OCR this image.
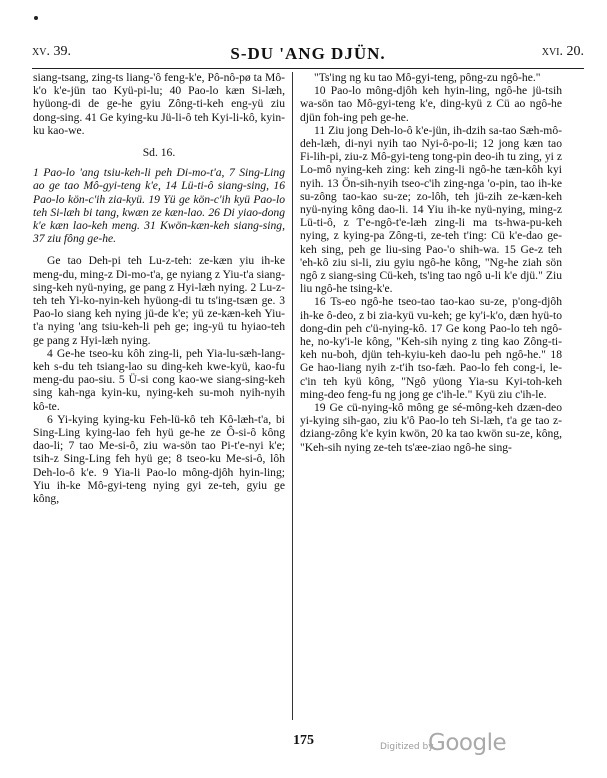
xv. 39.	S-DU 'ANG DJÜN.	xvi. 20.

siang-tsang, zing-ts liang-'ô feng-k'e, Pô-nô-pø ta Mô-k'o k'e-jün tao Kyü-pi-lu; 40 Pao-lo kæn Si-læh, hyüong-di de ge-he gyiu Zông-ti-keh eng-yü ziu dong-sing. 41 Ge kying-ku Jü-li-ô teh Kyi-li-kô, kyin-ku kao-we.

Sd. 16.

1 Pao-lo 'ang tsiu-keh-li peh Di-mo-t'a, 7 Sing-Ling ao ge tao Mô-gyi-teng k'e, 14 Lü-ti-ô siang-sing, 16 Pao-lo kön-c'ih zia-kyü. 19 Yü ge kön-c'ih kyü Pao-lo teh Si-læh bi tang, kwæn ze kæn-lao. 26 Di yiao-dong k'e kæn lao-keh meng. 31 Kwön-kæn-keh siang-sing, 37 ziu fông ge-he.

Ge tao Deh-pi teh Lu-z-teh: ze-kæn yiu ih-ke meng-du, ming-z Di-mo-t'a, ge nyiang z Yiu-t'a siang-sing-keh nyü-nying, ge pang z Hyi-læh nying. 2 Lu-z-teh teh Yi-ko-nyin-keh hyüong-di tu ts'ing-tsæn ge. 3 Pao-lo siang keh nying jü-de k'e; yü ze-kæn-keh Yiu-t'a nying 'ang tsiu-keh-li peh ge; ing-yü tu hyiao-teh ge pang z Hyi-læh nying.

4 Ge-he tseo-ku kôh zing-li, peh Yia-lu-sæh-lang-keh s-du teh tsiang-lao su ding-keh kwe-kyü, kao-fu meng-du pao-siu. 5 Ü-si cong kao-we siang-sing-keh sing kah-nga kyin-ku, nying-keh su-moh nyih-nyih kô-te.

6 Yi-kying kying-ku Feh-lü-kô teh Kô-læh-t'a, bi Sing-Ling kying-lao feh hyü ge-he ze Ô-si-ô kông dao-li; 7 tao Me-si-ô, ziu wa-sön tao Pi-t'e-nyi k'e; tsih-z Sing-Ling feh hyü ge; 8 tseo-ku Me-si-ô, lôh Deh-lo-ô k'e. 9 Yia-li Pao-lo mông-djôh hyin-ling; Yiu ih-ke Mô-gyi-teng nying gyi ze-teh, gyiu ge kông,

"Ts'ing ng ku tao Mô-gyi-teng, pông-zu ngô-he."

10 Pao-lo mông-djôh keh hyin-ling, ngô-he jü-tsih wa-sön tao Mô-gyi-teng k'e, ding-kyü z Cü ao ngô-he djün foh-ing peh ge-he.

11 Ziu jong Deh-lo-ô k'e-jün, ih-dzih sa-tao Sæh-mô-deh-læh, di-nyi nyih tao Nyi-ô-po-li; 12 jong kæn tao Fi-lih-pi, ziu-z Mô-gyi-teng tong-pin deo-ih tu zing, yi z Lo-mô nying-keh zing: keh zing-li ngô-he tæn-kôh kyi nyih. 13 Ön-sih-nyih tseo-c'ih zing-nga 'o-pin, tao ih-ke su-zông tao-kao su-ze; zo-lôh, teh jü-zih ze-kæn-keh nyü-nying kông dao-li. 14 Yiu ih-ke nyü-nying, ming-z Lü-ti-ô, z T'e-ngô-t'e-læh zing-li ma ts-hwa-pu-keh nying, z kying-pa Zông-ti, ze-teh t'ing: Cü k'e-dao ge-keh sing, peh ge liu-sing Pao-'o shih-wa. 15 Ge-z teh 'eh-kô ziu si-li, ziu gyiu ngô-he kông, "Ng-he ziah sön ngô z siang-sing Cü-keh, ts'ing tao ngô u-li k'e djü." Ziu liu ngô-he tsing-k'e.

16 Ts-eo ngô-he tseo-tao tao-kao su-ze, p'ong-djôh ih-ke ô-deo, z bi zia-kyü vu-keh; ge ky'i-k'o, dæn hyü-to dong-din peh c'ü-nying-kô. 17 Ge kong Pao-lo teh ngô-he, no-ky'i-le kông, "Keh-sih nying z ting kao Zông-ti-keh nu-boh, djün teh-kyiu-keh dao-lu peh ngô-he." 18 Ge hao-liang nyih z-t'ih tso-fæh. Pao-lo feh cong-i, le-c'in teh kyü kông, "Ngô yüong Yia-su Kyi-toh-keh ming-deo feng-fu ng jong ge c'ih-le." Kyü ziu c'ih-le.

19 Ge cü-nying-kô mông ge sé-mông-keh dzæn-deo yi-kying sih-gao, ziu k'ô Pao-lo teh Si-læh, t'a ge tao z-dziang-zông k'e kyin kwön, 20 ka tao kwön su-ze, kông, "Keh-sih nying ze-teh ts'æe-ziao ngô-he sing-

175	Digitized by
Google
